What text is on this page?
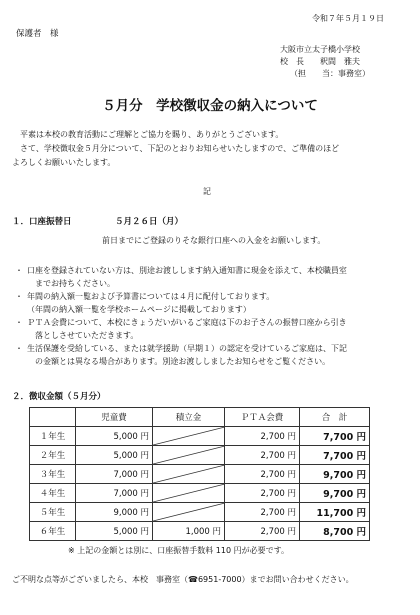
令和７年５月１９日
保護者　様
大阪市立太子橋小学校
校　長　　釈間　雅夫
（担　　当：事務室）
５月分　学校徴収金の納入について
平素は本校の教育活動にご理解とご協力を賜り、ありがとうございます。
さて、学校徴収金５月分について、下記のとおりお知らせいたしますので、ご準備のほど
よろしくお願いいたします。
記
１．口座振替日	５月２６日（月）
前日までにご登録のりそな銀行口座への入金をお願いします。
・ 口座を登録されていない方は、別途お渡しします納入通知書に現金を添えて、本校職員室
までお持ちください。
・ 年間の納入額一覧および予算書については４月に配付しております。
（年間の納入額一覧を学校ホームページに掲載しております）
・ ＰＴＡ会費について、本校にきょうだいがいるご家庭は下のお子さんの振替口座から引き
落としさせていただきます。
・ 生活保護を受給している、または就学援助（早期１）の認定を受けているご家庭は、下記
の金額とは異なる場合があります。別途お渡ししましたお知らせをご覧ください。
２．徴収金額（５月分）
	児童費	積立金	ＰＴＡ会費	合　計
１年生	5,000 円		2,700 円	7,700 円
２年生	5,000 円		2,700 円	7,700 円
３年生	7,000 円		2,700 円	9,700 円
４年生	7,000 円		2,700 円	9,700 円
５年生	9,000 円		2,700 円	11,700 円
６年生	5,000 円	1,000 円	2,700 円	8,700 円
※ 上記の金額とは別に、口座振替手数料 110 円が必要です。
ご不明な点等がございましたら、本校　事務室（☎6951-7000）までお問い合わせください。
